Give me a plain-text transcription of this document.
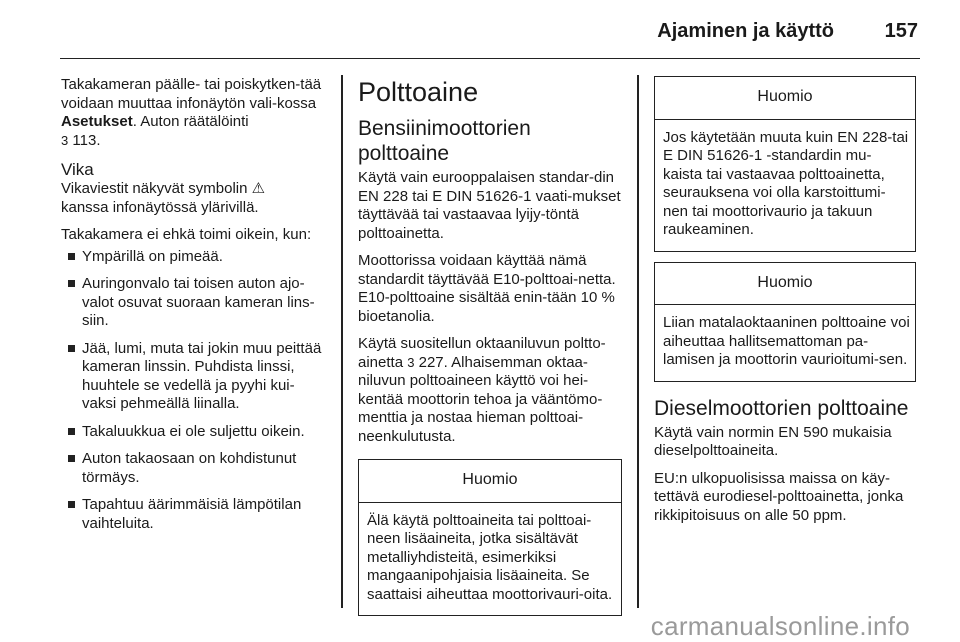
Ajaminen ja käyttö	157

Takakameran päälle- tai poiskytken-tää voidaan muuttaa infonäytön vali-kossa Asetukset. Auton räätälöinti
3 113.

Vika

Vikaviestit näkyvät symbolin ⚠
kanssa infonäytössä ylärivillä.

Takakamera ei ehkä toimi oikein, kun:

Ympärillä on pimeää.
Auringonvalo tai toisen auton ajo-valot osuvat suoraan kameran lins-siin.
Jää, lumi, muta tai jokin muu peittää kameran linssin. Puhdista linssi, huuhtele se vedellä ja pyyhi kui-vaksi pehmeällä liinalla.
Takaluukkua ei ole suljettu oikein.
Auton takaosaan on kohdistunut törmäys.
Tapahtuu äärimmäisiä lämpötilan vaihteluita.
Polttoaine
Bensiinimoottorien polttoaine

Käytä vain eurooppalaisen standar-din EN 228 tai E DIN 51626-1 vaati-mukset täyttävää tai vastaavaa lyijy-töntä polttoainetta.

Moottorissa voidaan käyttää nämä standardit täyttävää E10-polttoai-netta. E10-polttoaine sisältää enin-tään 10 % bioetanolia.

Käytä suositellun oktaaniluvun poltto-ainetta 3 227. Alhaisemman oktaa-niluvun polttoaineen käyttö voi hei-kentää moottorin tehoa ja vääntömo-menttia ja nostaa hieman polttoai-neenkulutusta.

Huomio
Älä käytä polttoaineita tai polttoai-neen lisäaineita, jotka sisältävät metalliyhdisteitä, esimerkiksi mangaanipohjaisia lisäaineita. Se saattaisi aiheuttaa moottorivauri-oita.
Huomio
Jos käytetään muuta kuin EN 228-tai E DIN 51626-1 -standardin mu-kaista tai vastaavaa polttoainetta, seurauksena voi olla karstoittumi-nen tai moottorivaurio ja takuun raukeaminen.
Huomio
Liian matalaoktaaninen polttoaine voi aiheuttaa hallitsemattoman pa-lamisen ja moottorin vaurioitumi-sen.
Dieselmoottorien polttoaine

Käytä vain normin EN 590 mukaisia dieselpolttoaineita.

EU:n ulkopuolisissa maissa on käy-tettävä eurodiesel-polttoainetta, jonka rikkipitoisuus on alle 50 ppm.

carmanualsonline.info
